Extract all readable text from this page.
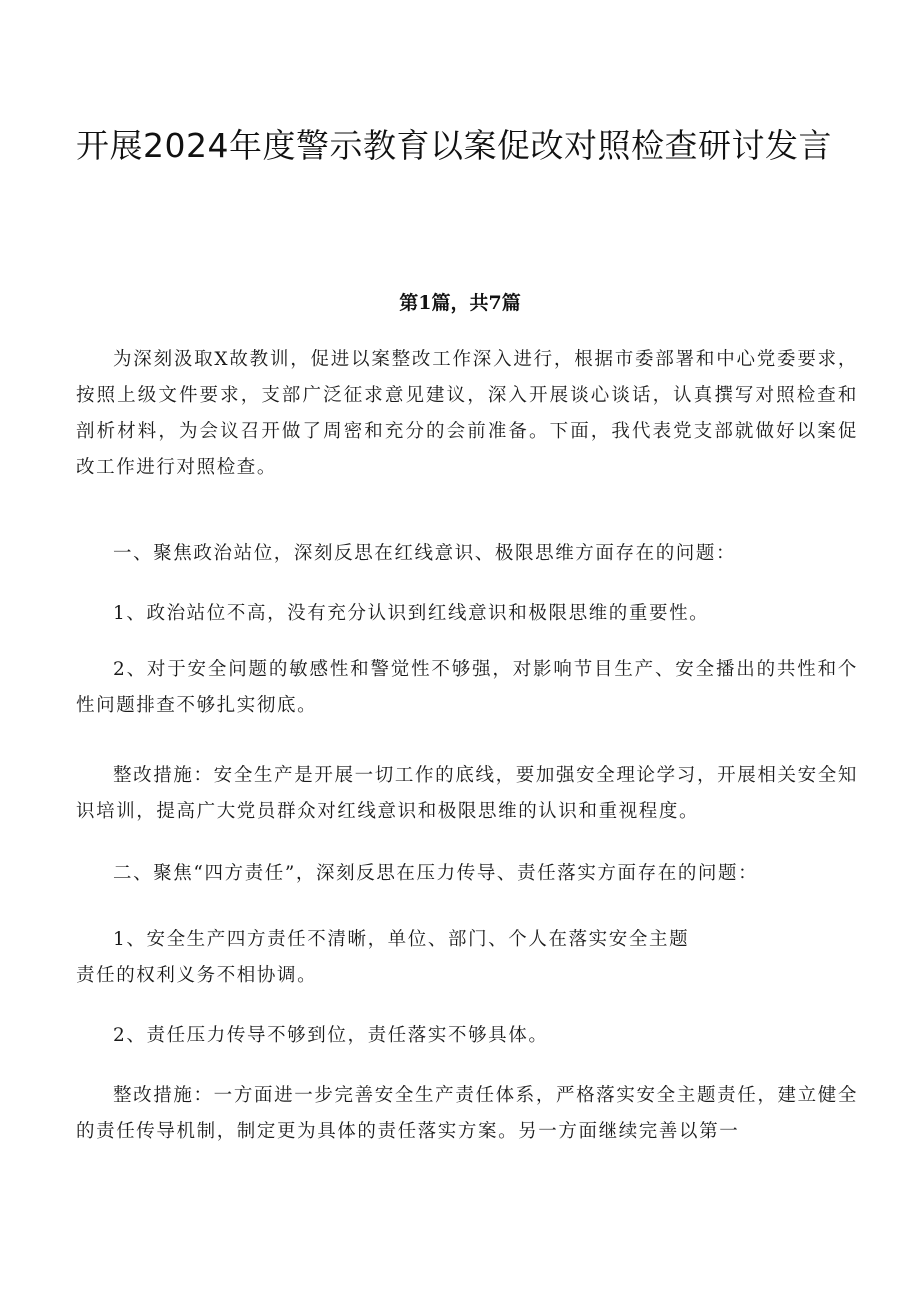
开展2024年度警示教育以案促改对照检查研讨发言
第1篇，共7篇

为深刻汲取X故教训，促进以案整改工作深入进行，根据市委部署和中心党委要求，按照上级文件要求，支部广泛征求意见建议，深入开展谈心谈话，认真撰写对照检查和剖析材料，为会议召开做了周密和充分的会前准备。下面，我代表党支部就做好以案促改工作进行对照检查。

一、聚焦政治站位，深刻反思在红线意识、极限思维方面存在的问题：

1、政治站位不高，没有充分认识到红线意识和极限思维的重要性。

2、对于安全问题的敏感性和警觉性不够强，对影响节目生产、安全播出的共性和个性问题排查不够扎实彻底。

整改措施：安全生产是开展一切工作的底线，要加强安全理论学习，开展相关安全知识培训，提高广大党员群众对红线意识和极限思维的认识和重视程度。

二、聚焦“四方责任”，深刻反思在压力传导、责任落实方面存在的问题：

1、安全生产四方责任不清晰，单位、部门、个人在落实安全主题
责任的权利义务不相协调。

2、责任压力传导不够到位，责任落实不够具体。

整改措施：一方面进一步完善安全生产责任体系，严格落实安全主题责任，建立健全的责任传导机制，制定更为具体的责任落实方案。另一方面继续完善以第一
